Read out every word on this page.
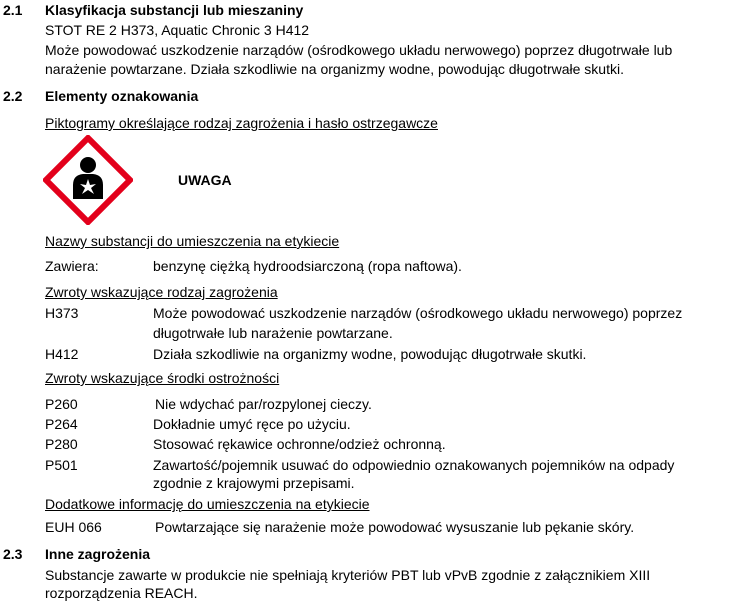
2.1 Klasyfikacja substancji lub mieszaniny
STOT RE 2 H373, Aquatic Chronic 3 H412
Może powodować uszkodzenie narządów (ośrodkowego układu nerwowego) poprzez długotrwałe lub
narażenie powtarzane. Działa szkodliwie na organizmy wodne, powodując długotrwałe skutki.
2.2 Elementy oznakowania
Piktogramy określające rodzaj zagrożenia i hasło ostrzegawcze
UWAGA
Nazwy substancji do umieszczenia na etykiecie
Zawiera:	benzynę ciężką hydroodsiarczoną (ropa naftowa).
Zwroty wskazujące rodzaj zagrożenia
H373	Może powodować uszkodzenie narządów (ośrodkowego układu nerwowego) poprzez
długotrwałe lub narażenie powtarzane.
H412	Działa szkodliwie na organizmy wodne, powodując długotrwałe skutki.
Zwroty wskazujące środki ostrożności
P260	Nie wdychać par/rozpylonej cieczy.
P264	Dokładnie umyć ręce po użyciu.
P280	Stosować rękawice ochronne/odzież ochronną.
P501	Zawartość/pojemnik usuwać do odpowiednio oznakowanych pojemników na odpady
zgodnie z krajowymi przepisami.
Dodatkowe informację do umieszczenia na etykiecie
EUH 066	Powtarzające się narażenie może powodować wysuszanie lub pękanie skóry.
2.3 Inne zagrożenia
Substancje zawarte w produkcie nie spełniają kryteriów PBT lub vPvB zgodnie z załącznikiem XIII
rozporządzenia REACH.
